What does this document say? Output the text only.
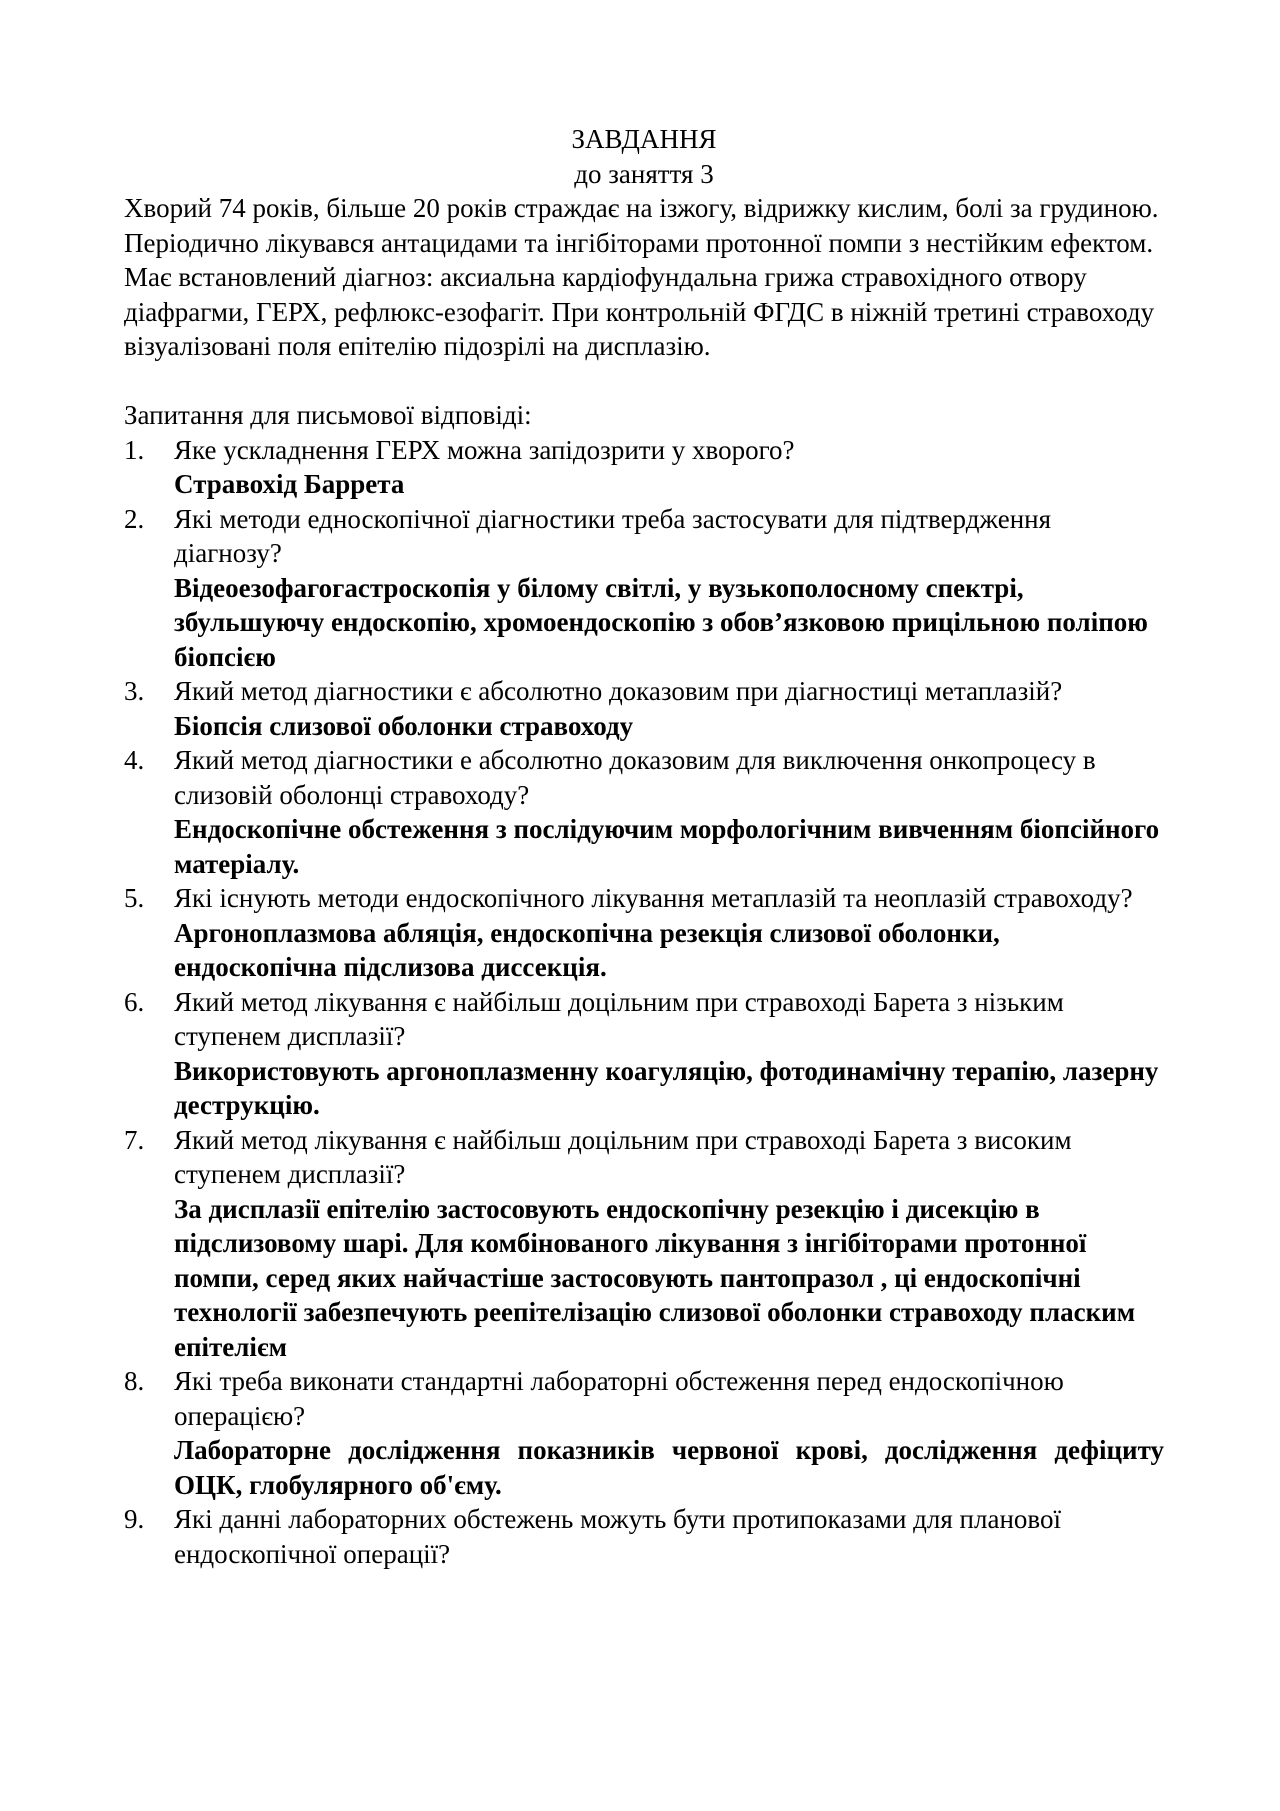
ЗАВДАННЯ

до заняття 3

Хворий 74 років, більше 20 років страждає на ізжогу, відрижку кислим, болі за грудиною. Періодично лікувався антацидами та інгібіторами протонної помпи з нестійким ефектом. Має встановлений діагноз: аксиальна кардіофундальна грижа стравохідного отвору діафрагми, ГЕРХ, рефлюкс-езофагіт. При контрольній ФГДС в ніжній третині стравоходу візуалізовані поля епітелію підозрілі на дисплазію.

Запитання для письмової відповіді:

1.	Яке ускладнення ГЕРХ можна запідозрити у хворого?
Стравохід Баррета
2.	Які методи едноскопічної діагностики треба застосувати для підтвердження діагнозу?
Відеоезофагогастроскопія у білому світлі, у вузькополосному спектрі, збульшуючу ендоскопію, хромоендоскопію з обов’язковою прицільною поліпою біопсією
3.	Який метод діагностики є абсолютно доказовим при діагностиці метаплазій?
Біопсія слизової оболонки стравоходу
4.	Який метод діагностики е абсолютно доказовим для виключення онкопроцесу в слизовій оболонці стравоходу?
Ендоскопічне обстеження з послідуючим морфологічним вивченням біопсійного матеріалу.
5.	Які існують методи ендоскопічного лікування метаплазій та неоплазій стравоходу?
Аргоноплазмова абляція, ендоскопічна резекція слизової оболонки, ендоскопічна підслизова диссекція.
6.	Який метод лікування є найбільш доцільним при стравоході Барета з нізьким ступенем дисплазії?
Використовують аргоноплазменну коагуляцію, фотодинамічну терапію, лазерну деструкцію.
7.	Який метод лікування є найбільш доцільним при стравоході Барета з високим ступенем дисплазії?
За дисплазії епітелію застосовують ендоскопічну резекцію і дисекцію в підслизовому шарі. Для комбінованого лікування з інгібіторами протонної помпи, серед яких найчастіше застосовують пантопразол , ці ендоскопічні технології забезпечують реепітелізацію слизової оболонки стравоходу пласким епітелієм
8.	Які треба виконати стандартні лабораторні обстеження перед ендоскопічною операцією?
Лабораторне дослідження показників червоної крові, дослідження дефіциту ОЦК, глобулярного об'єму.
9.	Які данні лабораторних обстежень можуть бути протипоказами для планової ендоскопічної операції?
